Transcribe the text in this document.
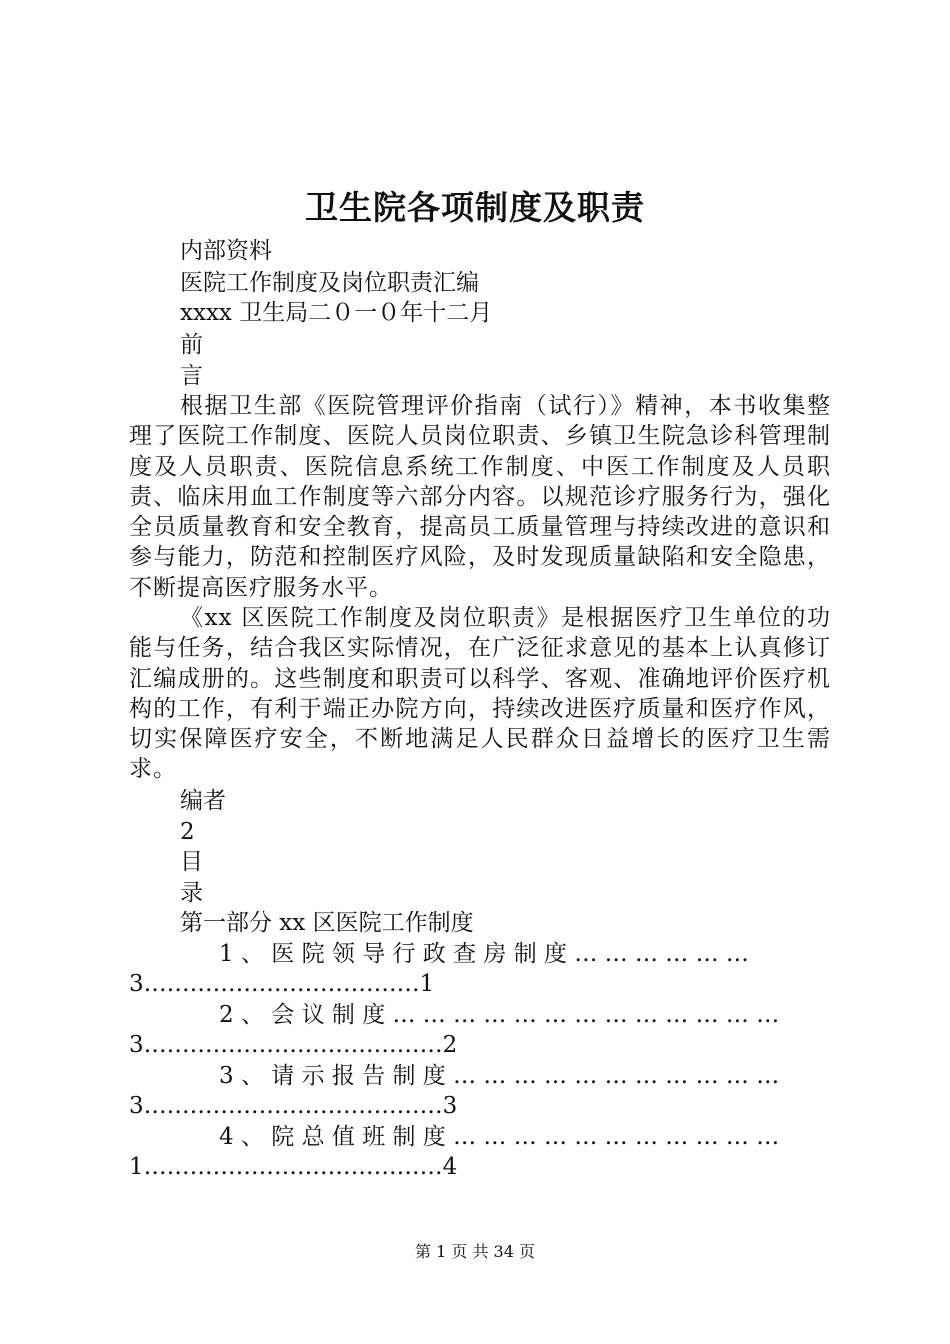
卫生院各项制度及职责
内部资料
医院工作制度及岗位职责汇编
xxxx 卫生局二０一０年十二月
前
言
根据卫生部《医院管理评价指南（试行）》精神，本书收集整理了医院工作制度、医院人员岗位职责、乡镇卫生院急诊科管理制度及人员职责、医院信息系统工作制度、中医工作制度及人员职责、临床用血工作制度等六部分内容。以规范诊疗服务行为，强化全员质量教育和安全教育，提高员工质量管理与持续改进的意识和参与能力，防范和控制医疗风险，及时发现质量缺陷和安全隐患，不断提高医疗服务水平。
《xx 区医院工作制度及岗位职责》是根据医疗卫生单位的功能与任务，结合我区实际情况，在广泛征求意见的基本上认真修订汇编成册的。这些制度和职责可以科学、客观、准确地评价医疗机构的工作，有利于端正办院方向，持续改进医疗质量和医疗作风，切实保障医疗安全，不断地满足人民群众日益增长的医疗卫生需求。
编者
2
目
录
第一部分 xx 区医院工作制度
1 、 医 院 领 导 行 政 查 房 制 度 … … … … … …
3………………………………1
2 、 会 议 制 度 … … … … … … … … … … … … …
3…………………………………2
3 、 请 示 报 告 制 度 … … … … … … … … … … …
3…………………………………3
4 、 院 总 值 班 制 度 … … … … … … … … … … …
1…………………………………4
第 1 页 共 34 页
